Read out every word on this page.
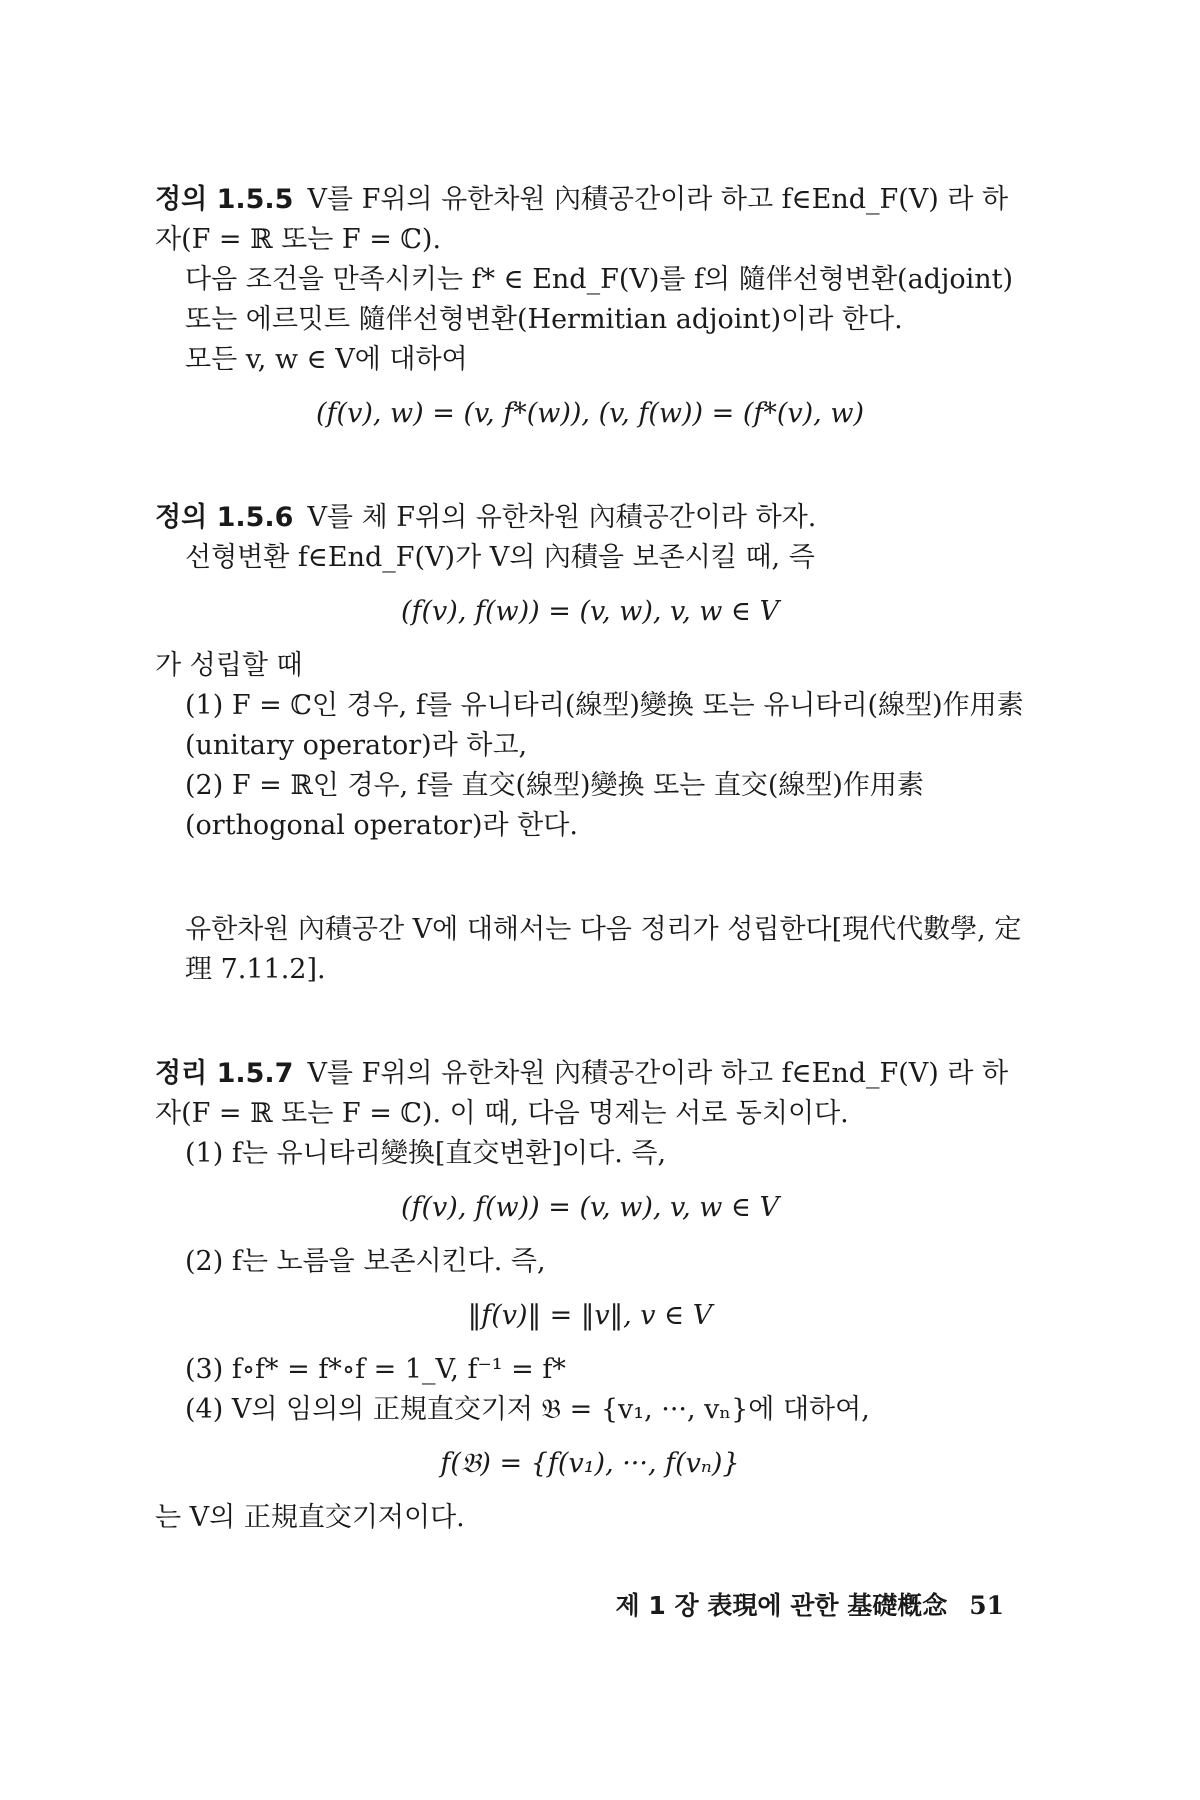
정의 1.5.5 V를 F위의 유한차원 內積공간이라 하고 f∈End_F(V) 라 하자(F = ℝ 또는 F = ℂ).

다음 조건을 만족시키는 f* ∈ End_F(V)를 f의 隨伴선형변환(adjoint) 또는 에르밋트 隨伴선형변환(Hermitian adjoint)이라 한다.

모든 v, w ∈ V에 대하여

(f(v), w) = (v, f*(w)), (v, f(w)) = (f*(v), w)

정의 1.5.6 V를 체 F위의 유한차원 內積공간이라 하자.

선형변환 f∈End_F(V)가 V의 內積을 보존시킬 때, 즉

(f(v), f(w)) = (v, w), v, w ∈ V

가 성립할 때

(1) F = ℂ인 경우, f를 유니타리(線型)變換 또는 유니타리(線型)作用素 (unitary operator)라 하고,

(2) F = ℝ인 경우, f를 直交(線型)變換 또는 直交(線型)作用素(orthogonal operator)라 한다.

유한차원 內積공간 V에 대해서는 다음 정리가 성립한다[現代代數學, 定理 7.11.2].

정리 1.5.7 V를 F위의 유한차원 內積공간이라 하고 f∈End_F(V) 라 하자(F = ℝ 또는 F = ℂ). 이 때, 다음 명제는 서로 동치이다.

(1) f는 유니타리變換[直交변환]이다. 즉,

(f(v), f(w)) = (v, w), v, w ∈ V

(2) f는 노름을 보존시킨다. 즉,

‖f(v)‖ = ‖v‖, v ∈ V

(3) f∘f* = f*∘f = 1_V, f⁻¹ = f*

(4) V의 임의의 正規直交기저 𝔅 = {v₁, ···, vₙ}에 대하여,

f(𝔅) = {f(v₁), ···, f(vₙ)}

는 V의 正規直交기저이다.

제 1 장 表現에 관한 基礎槪念 51
